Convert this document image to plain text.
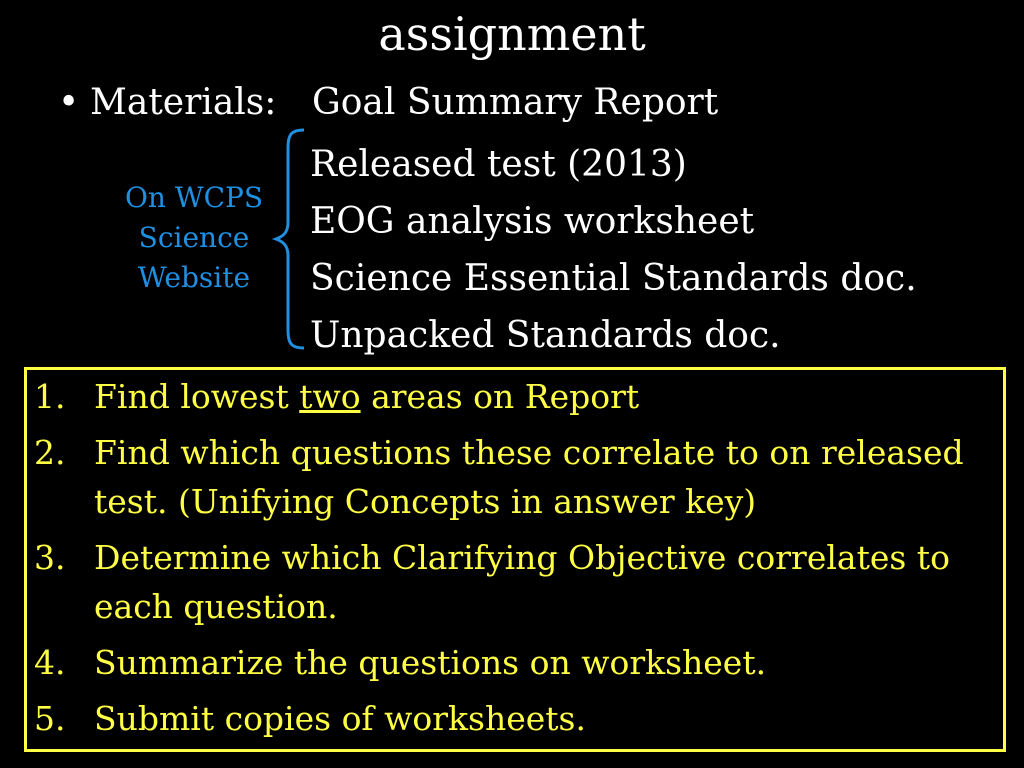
assignment
• Materials: Goal Summary Report
Released test (2013)
EOG analysis worksheet
Science Essential Standards doc.
Unpacked Standards doc.
On WCPS
Science
Website
1. Find lowest two areas on Report
2. Find which questions these correlate to on released test. (Unifying Concepts in answer key)
3. Determine which Clarifying Objective correlates to each question.
4. Summarize the questions on worksheet.
5. Submit copies of worksheets.
